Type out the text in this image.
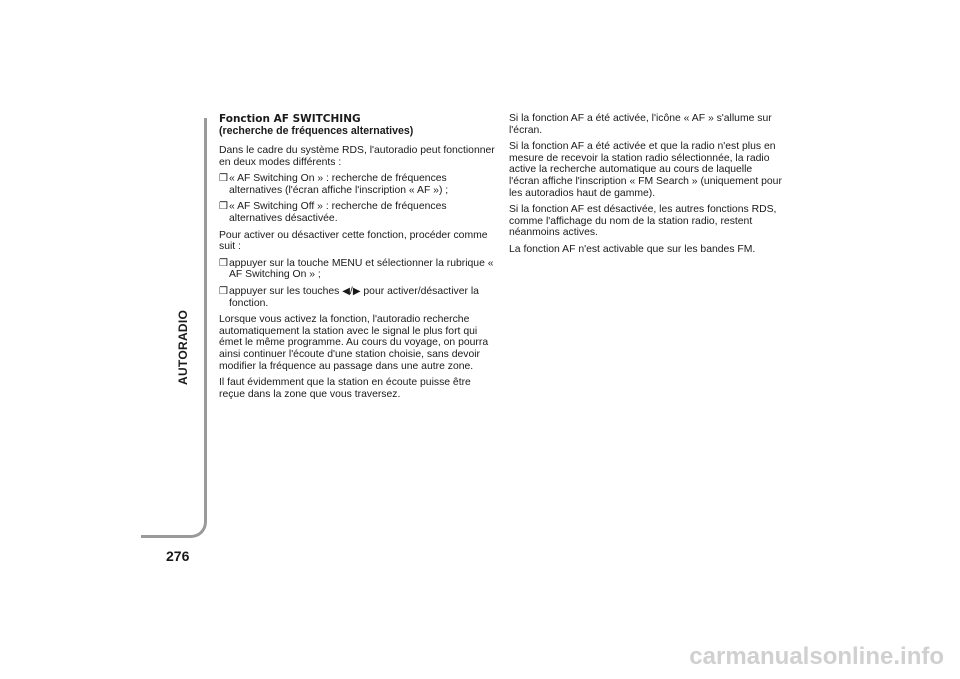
AUTORADIO
276
Fonction AF SWITCHING
(recherche de fréquences alternatives)

Dans le cadre du système RDS, l'autoradio peut fonctionner en deux modes différents :

❒ « AF Switching On » : recherche de fréquences alternatives (l'écran affiche l'inscription « AF ») ;
❒ « AF Switching Off » : recherche de fréquences alternatives désactivée.

Pour activer ou désactiver cette fonction, procéder comme suit :

❒ appuyer sur la touche MENU et sélectionner la rubrique « AF Switching On » ;
❒ appuyer sur les touches ◀/▶ pour activer/désactiver la fonction.

Lorsque vous activez la fonction, l'autoradio recherche automatiquement la station avec le signal le plus fort qui émet le même programme. Au cours du voyage, on pourra ainsi continuer l'écoute d'une station choisie, sans devoir modifier la fréquence au passage dans une autre zone.

Il faut évidemment que la station en écoute puisse être reçue dans la zone que vous traversez.

Si la fonction AF a été activée, l'icône « AF » s'allume sur l'écran.

Si la fonction AF a été activée et que la radio n'est plus en mesure de recevoir la station radio sélectionnée, la radio active la recherche automatique au cours de laquelle l'écran affiche l'inscription « FM Search » (uniquement pour les autoradios haut de gamme).

Si la fonction AF est désactivée, les autres fonctions RDS, comme l'affichage du nom de la station radio, restent néanmoins actives.

La fonction AF n'est activable que sur les bandes FM.

carmanualsonline.info
